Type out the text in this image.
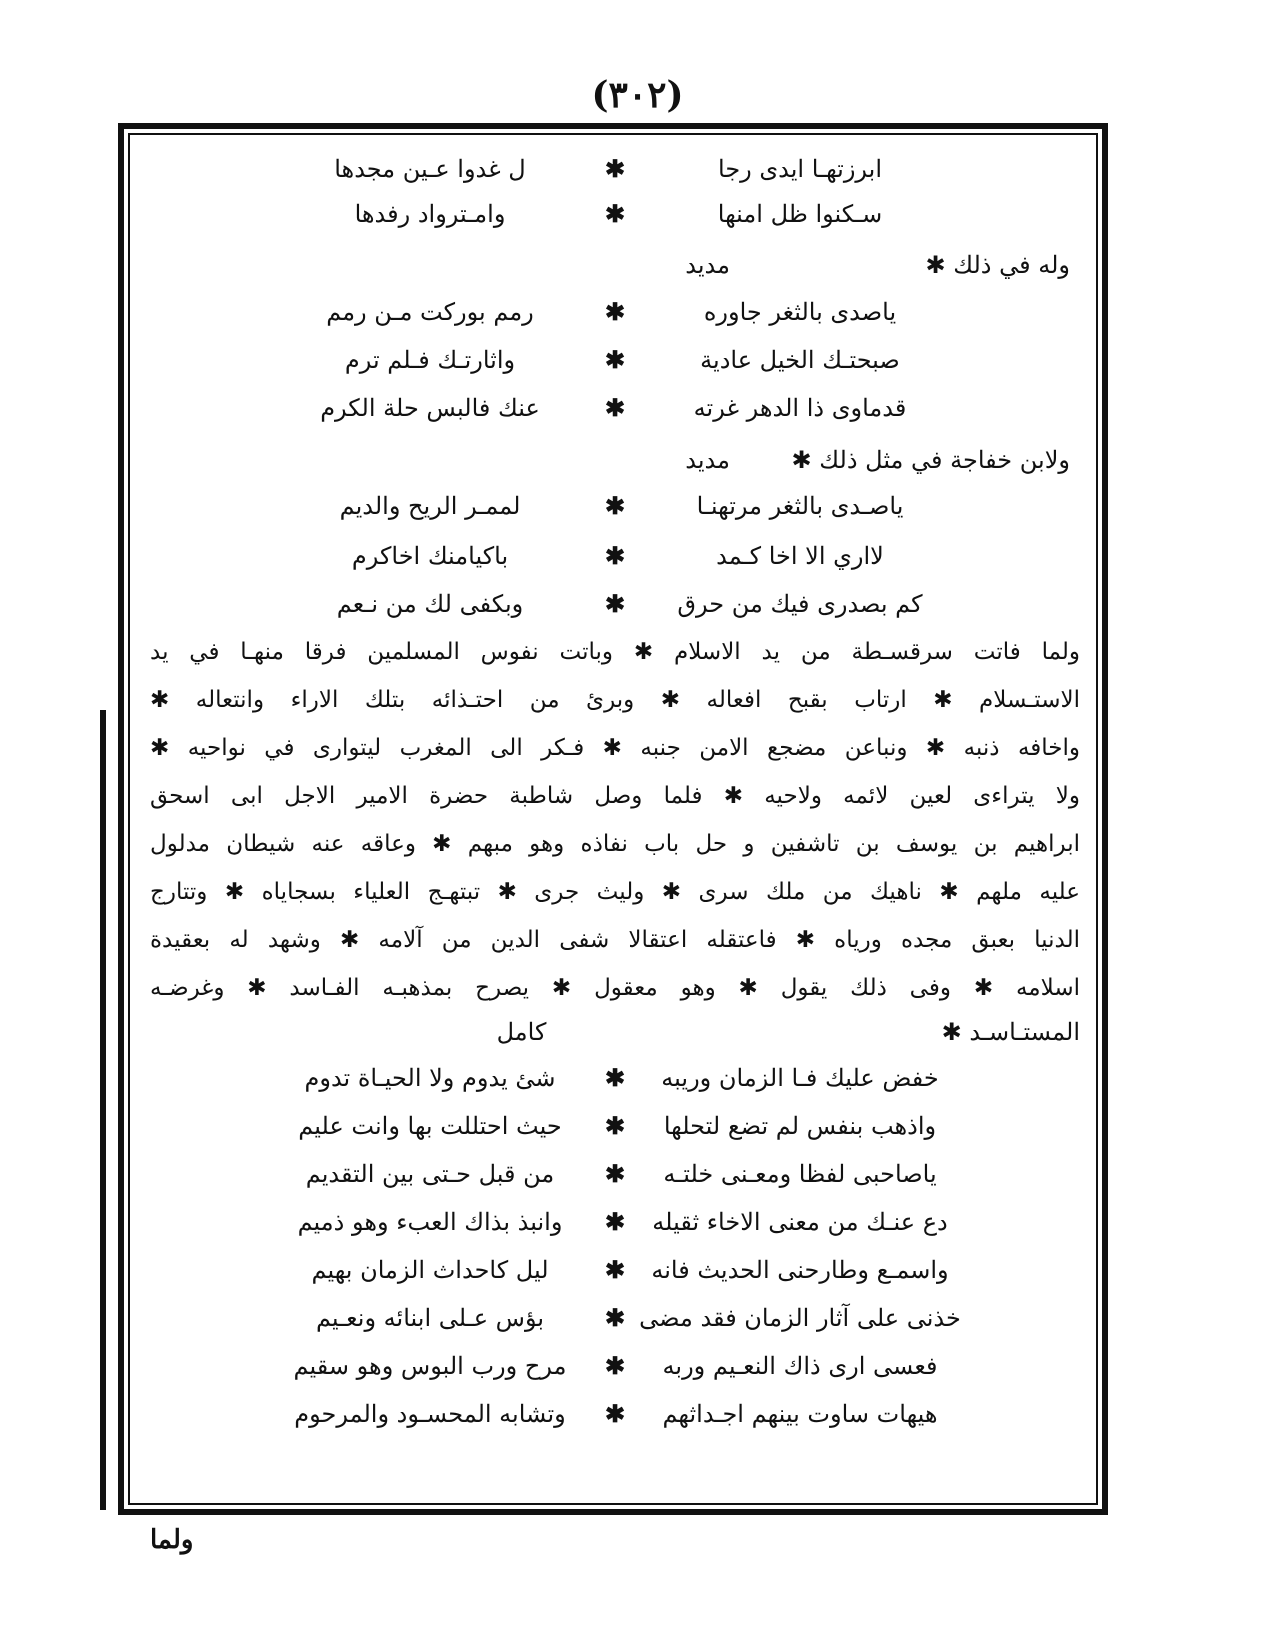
(٣٠٢)
ابرزتهـا ايدى رجا
✱
ل غدوا عـين مجدها
سـكنوا ظل امنها
✱
وامـترواد رفدها
وله في ذلك ✱
مديد
ياصدى بالثغر جاوره
✱
رمم بوركت مـن رمم
صبحتـك الخيل عادية
✱
واثارتـك فـلم ترم
قدماوى ذا الدهر غرته
✱
عنك فالبس حلة الكرم
ولابن خفاجة في مثل ذلك ✱
مديد
ياصـدى بالثغر مرتهنـا
✱
لممـر الريح والديم
لااري الا اخا كـمد
✱
باكيامنك اخاكرم
كم بصدرى فيك من حرق
✱
وبكفى لك من نـعم
ولما فاتت سرقسـطة من يد الاسلام ✱ وباتت نفوس المسلمين فرقا منهـا في يد
الاستـسلام ✱ ارتاب بقبح افعاله ✱ وبرئ من احتـذائه بتلك الاراء وانتعاله ✱
واخافه ذنبه ✱ ونباعن مضجع الامن جنبه ✱ فـكر الى المغرب ليتوارى في نواحيه ✱
ولا يتراءى لعين لائمه ولاحيه ✱ فلما وصل شاطبة حضرة الامير الاجل ابى اسحق
ابراهيم بن يوسف بن تاشفين و حل باب نفاذه وهو مبهم ✱ وعاقه عنه شيطان مدلول
عليه ملهم ✱ ناهيك من ملك سرى ✱ وليث جرى ✱ تبتهـج العلياء بسجاياه ✱ وتتارج
الدنيا بعبق مجده ورياه ✱ فاعتقله اعتقالا شفى الدين من آلامه ✱ وشهد له بعقيدة
اسلامه ✱ وفى ذلك يقول ✱ وهو معقول ✱ يصرح بمذهبـه الفـاسد ✱ وغرضـه
المستـاسـد ✱  كامل
خفض عليك فـا الزمان وريبه
✱
شئ يدوم ولا الحيـاة تدوم
واذهب بنفس لم تضع لتحلها
✱
حيث احتللت بها وانت عليم
ياصاحبى لفظا ومعـنى خلتـه
✱
من قبل حـتى بين التقديم
دع عنـك من معنى الاخاء ثقيله
✱
وانبذ بذاك العبء وهو ذميم
واسمـع وطارحنى الحديث فانه
✱
ليل كاحداث الزمان بهيم
خذنى على آثار الزمان فقد مضى
✱
بؤس عـلى ابنائه ونعـيم
فعسى ارى ذاك النعـيم وربه
✱
مرح ورب البوس وهو سقيم
هيهات ساوت بينهم اجـداثهم
✱
وتشابه المحسـود والمرحوم
ولما
